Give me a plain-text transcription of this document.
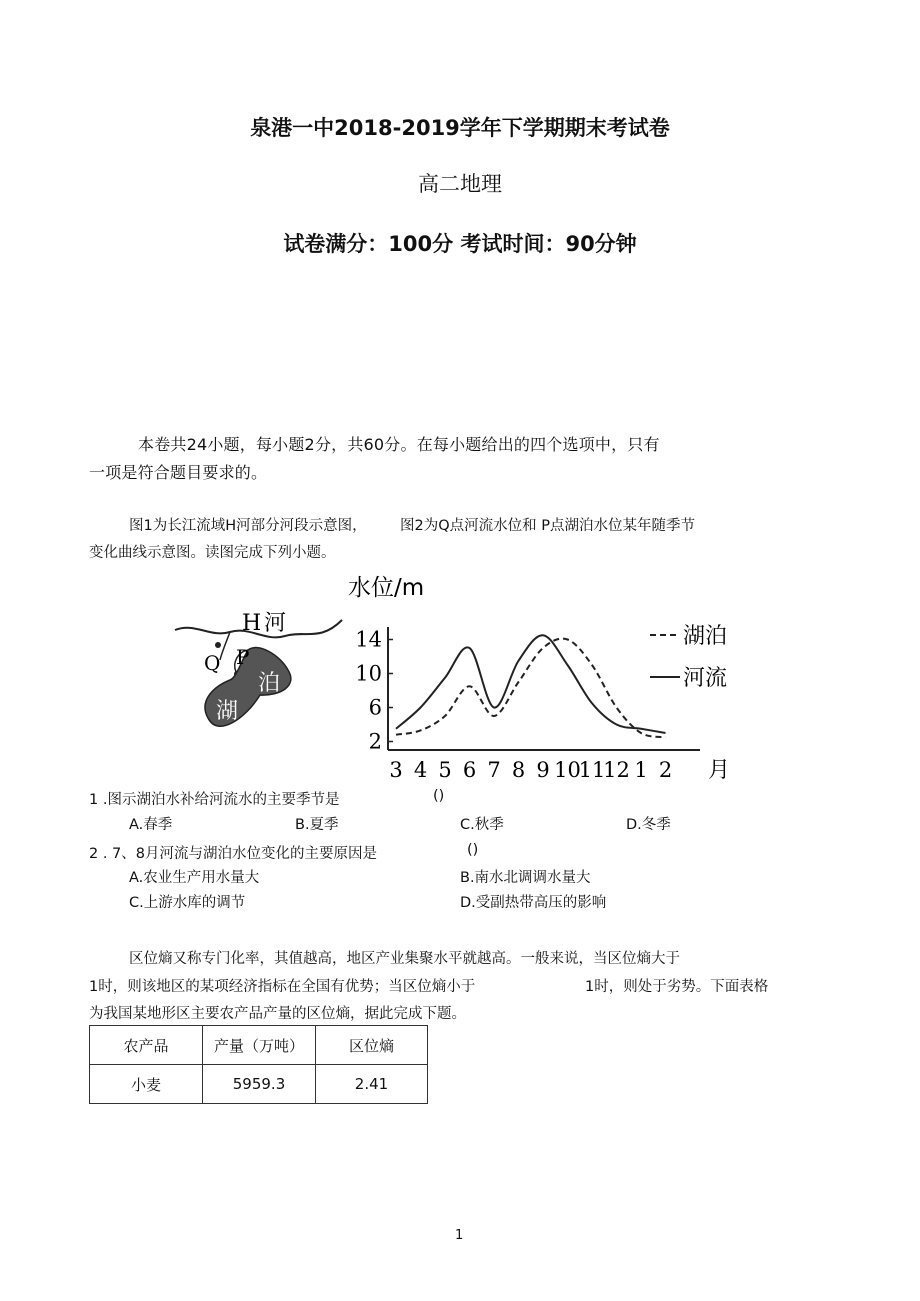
泉港一中2018-2019学年下学期期末考试卷
高二地理
试卷满分：100分 考试时间：90分钟
本卷共24小题，每小题2分，共60分。在每小题给出的四个选项中，只有
一项是符合题目要求的。
图1为长江流域H河部分河段示意图， 图2为Q点河流水位和 P点湖泊水位某年随季节
变化曲线示意图。读图完成下列小题。
H 河
Q P
泊
湖
水位/m
2
6
10
14
3 4 5 6 7 8 9 10
11
12 1 2
湖泊
河流
月
1 .图示湖泊水补给河流水的主要季节是	()
A.春季	B.夏季	C.秋季	D.冬季
2 . 7、8月河流与湖泊水位变化的主要原因是	()
A.农业生产用水量大	B.南水北调调水量大
C.上游水库的调节	D.受副热带高压的影响
区位熵又称专门化率，其值越高，地区产业集聚水平就越高。一般来说，当区位熵大于
1时，则该地区的某项经济指标在全国有优势；当区位熵小于	1时，则处于劣势。下面表格
为我国某地形区主要农产品产量的区位熵，据此完成下题。
农产品	产量（万吨）	区位熵
小麦	5959.3	2.41
1
